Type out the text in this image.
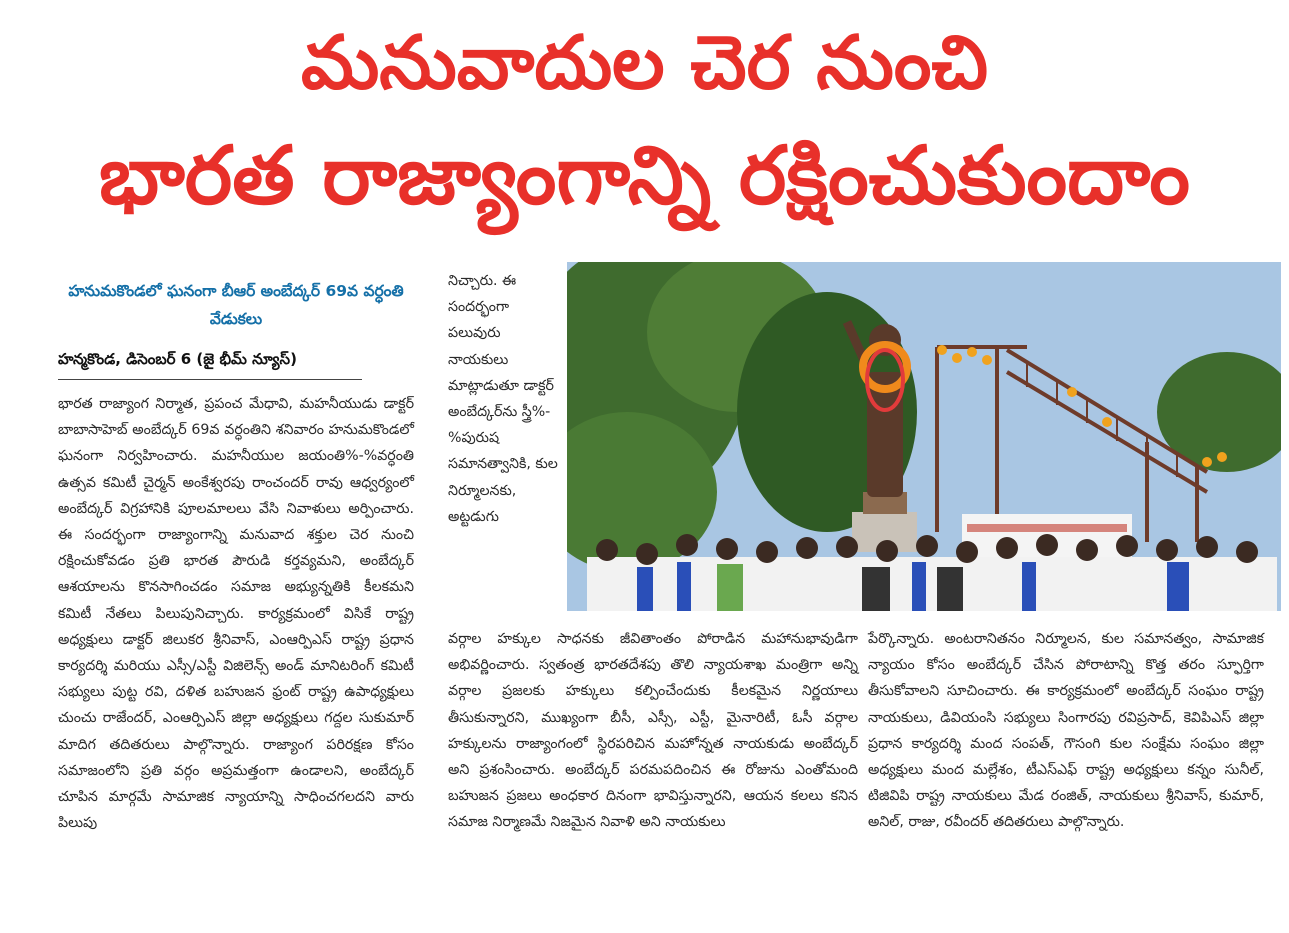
మనువాదుల చెర నుంచి
భారత రాజ్యాంగాన్ని రక్షించుకుందాం
హనుమకొండలో ఘనంగా బీఆర్ అంబేద్కర్ 69వ వర్ధంతి వేడుకలు
హన్మకొండ, డిసెంబర్ 6 (జై భీమ్ న్యూస్)
భారత రాజ్యాంగ నిర్మాత, ప్రపంచ మేధావి, మహనీయుడు డాక్టర్ బాబాసాహెబ్ అంబేద్కర్ 69వ వర్ధంతిని శనివారం హనుమకొండలో ఘనంగా నిర్వహించారు. మహనీయుల జయంతి%-%వర్ధంతి ఉత్సవ కమిటీ చైర్మన్ అంకేశ్వరపు రాంచందర్ రావు ఆధ్వర్యంలో అంబేద్కర్ విగ్రహానికి పూలమాలలు వేసి నివాళులు అర్పించారు. ఈ సందర్భంగా రాజ్యాంగాన్ని మనువాద శక్తుల చెర నుంచి రక్షించుకోవడం ప్రతి భారత పౌరుడి కర్తవ్యమని, అంబేద్కర్ ఆశయాలను కొనసాగించడం సమాజ అభ్యున్నతికి కీలకమని కమిటీ నేతలు పిలుపునిచ్చారు. కార్యక్రమంలో విసికే రాష్ట్ర అధ్యక్షులు డాక్టర్ జిలుకర శ్రీనివాస్, ఎంఆర్పిఎస్ రాష్ట్ర ప్రధాన కార్యదర్శి మరియు ఎస్సీ/ఎస్టీ విజిలెన్స్ అండ్ మానిటరింగ్ కమిటీ సభ్యులు పుట్ట రవి, దళిత బహుజన ఫ్రంట్ రాష్ట్ర ఉపాధ్యక్షులు చుంచు రాజేందర్, ఎంఆర్పిఎస్ జిల్లా అధ్యక్షులు గద్దల సుకుమార్ మాదిగ తదితరులు పాల్గొన్నారు. రాజ్యాంగ పరిరక్షణ కోసం సమాజంలోని ప్రతి వర్గం అప్రమత్తంగా ఉండాలని, అంబేద్కర్ చూపిన మార్గమే సామాజిక న్యాయాన్ని సాధించగలదని వారు పిలుపు
నిచ్చారు. ఈ సందర్భంగా పలువురు నాయకులు మాట్లాడుతూ డాక్టర్ అంబేద్కర్‌ను స్త్రీ%-%పురుష సమానత్వానికి, కుల నిర్మూలనకు, అట్టడుగు
వర్గాల హక్కుల సాధనకు జీవితాంతం పోరాడిన మహానుభావుడిగా అభివర్ణించారు. స్వతంత్ర భారతదేశపు తొలి న్యాయశాఖ మంత్రిగా అన్ని వర్గాల ప్రజలకు హక్కులు కల్పించేందుకు కీలకమైన నిర్ణయాలు తీసుకున్నారని, ముఖ్యంగా బీసీ, ఎస్సీ, ఎస్టీ, మైనారిటీ, ఓసీ వర్గాల హక్కులను రాజ్యాంగంలో స్థిరపరిచిన మహోన్నత నాయకుడు అంబేద్కర్ అని ప్రశంసించారు. అంబేద్కర్ పరమపదించిన ఈ రోజును ఎంతోమంది బహుజన ప్రజలు అంధకార దినంగా భావిస్తున్నారని, ఆయన కలలు కనిన సమాజ నిర్మాణమే నిజమైన నివాళి అని నాయకులు
పేర్కొన్నారు. అంటరానితనం నిర్మూలన, కుల సమానత్వం, సామాజిక న్యాయం కోసం అంబేద్కర్ చేసిన పోరాటాన్ని కొత్త తరం స్ఫూర్తిగా తీసుకోవాలని సూచించారు. ఈ కార్యక్రమంలో అంబేద్కర్ సంఘం రాష్ట్ర నాయకులు, డివియంసి సభ్యులు సింగారపు రవిప్రసాద్, కెవిపిఎస్ జిల్లా ప్రధాన కార్యదర్శి మంద సంపత్, గౌసంగి కుల సంక్షేమ సంఘం జిల్లా అధ్యక్షులు మంద మల్లేశం, టీఎస్ఎఫ్ రాష్ట్ర అధ్యక్షులు కన్నం సునీల్, టిజివిపి రాష్ట్ర నాయకులు మేడ రంజిత్, నాయకులు శ్రీనివాస్, కుమార్, అనిల్, రాజు, రవీందర్ తదితరులు పాల్గొన్నారు.
